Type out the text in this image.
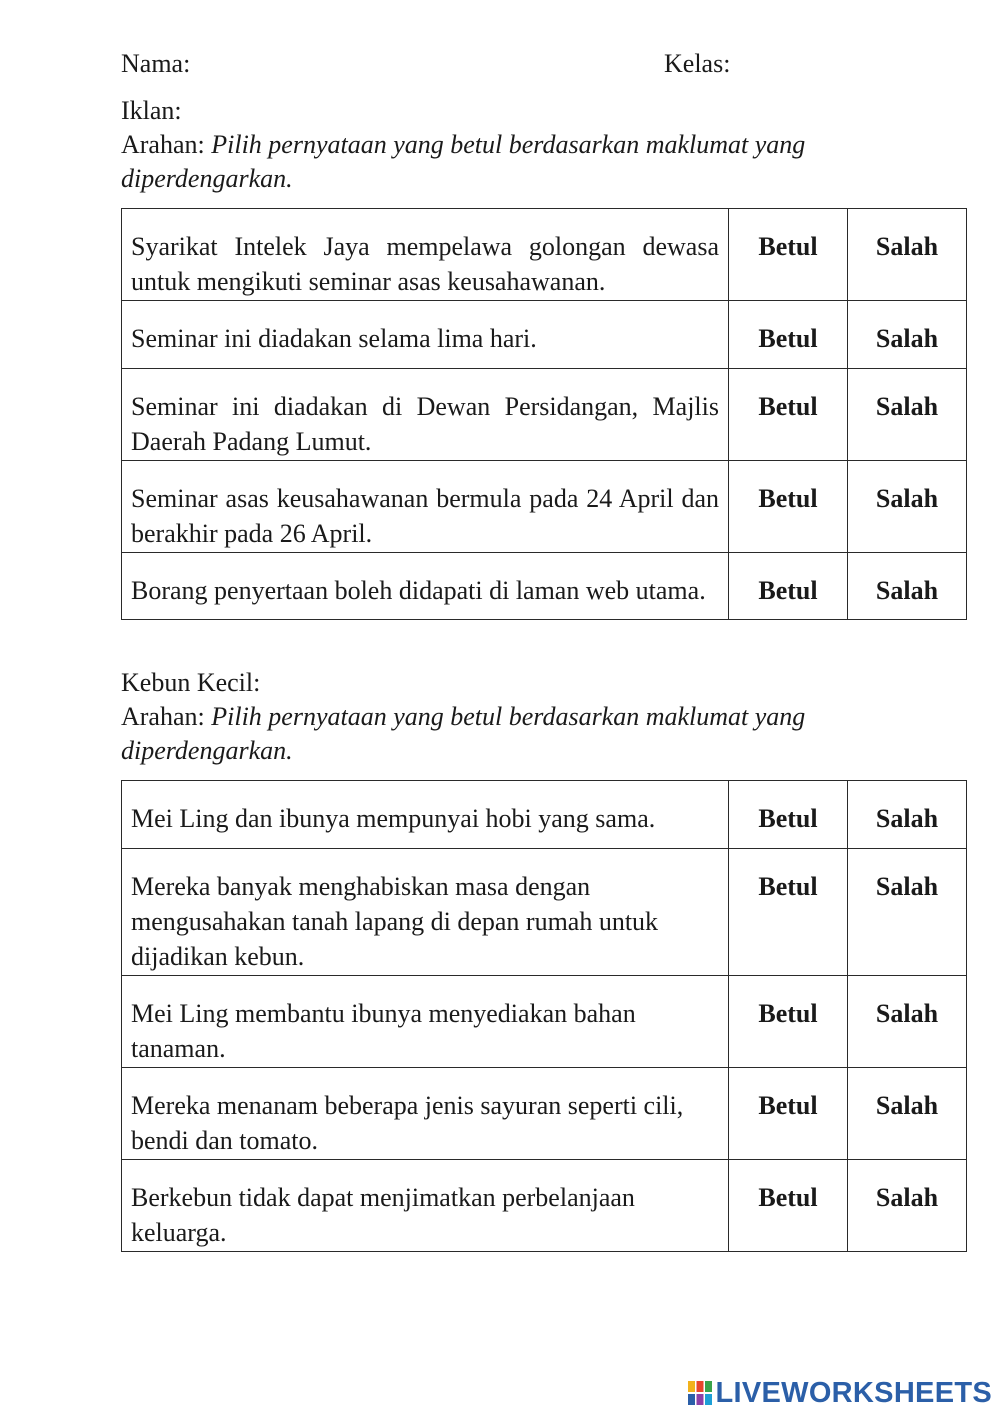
Nama:	Kelas:
Iklan:
Arahan: Pilih pernyataan yang betul berdasarkan maklumat yang
diperdengarkan.
Syarikat Intelek Jaya mempelawa golongan dewasa untuk mengikuti seminar asas keusahawanan.	Betul	Salah
Seminar ini diadakan selama lima hari.	Betul	Salah
Seminar ini diadakan di Dewan Persidangan, Majlis Daerah Padang Lumut.	Betul	Salah
Seminar asas keusahawanan bermula pada 24 April dan berakhir pada 26 April.	Betul	Salah
Borang penyertaan boleh didapati di laman web utama.	Betul	Salah
Kebun Kecil:
Arahan: Pilih pernyataan yang betul berdasarkan maklumat yang
diperdengarkan.
Mei Ling dan ibunya mempunyai hobi yang sama.	Betul	Salah
Mereka banyak menghabiskan masa dengan mengusahakan tanah lapang di depan rumah untuk dijadikan kebun.	Betul	Salah
Mei Ling membantu ibunya menyediakan bahan tanaman.	Betul	Salah
Mereka menanam beberapa jenis sayuran seperti cili, bendi dan tomato.	Betul	Salah
Berkebun tidak dapat menjimatkan perbelanjaan keluarga.	Betul	Salah
LIVEWORKSHEETS
